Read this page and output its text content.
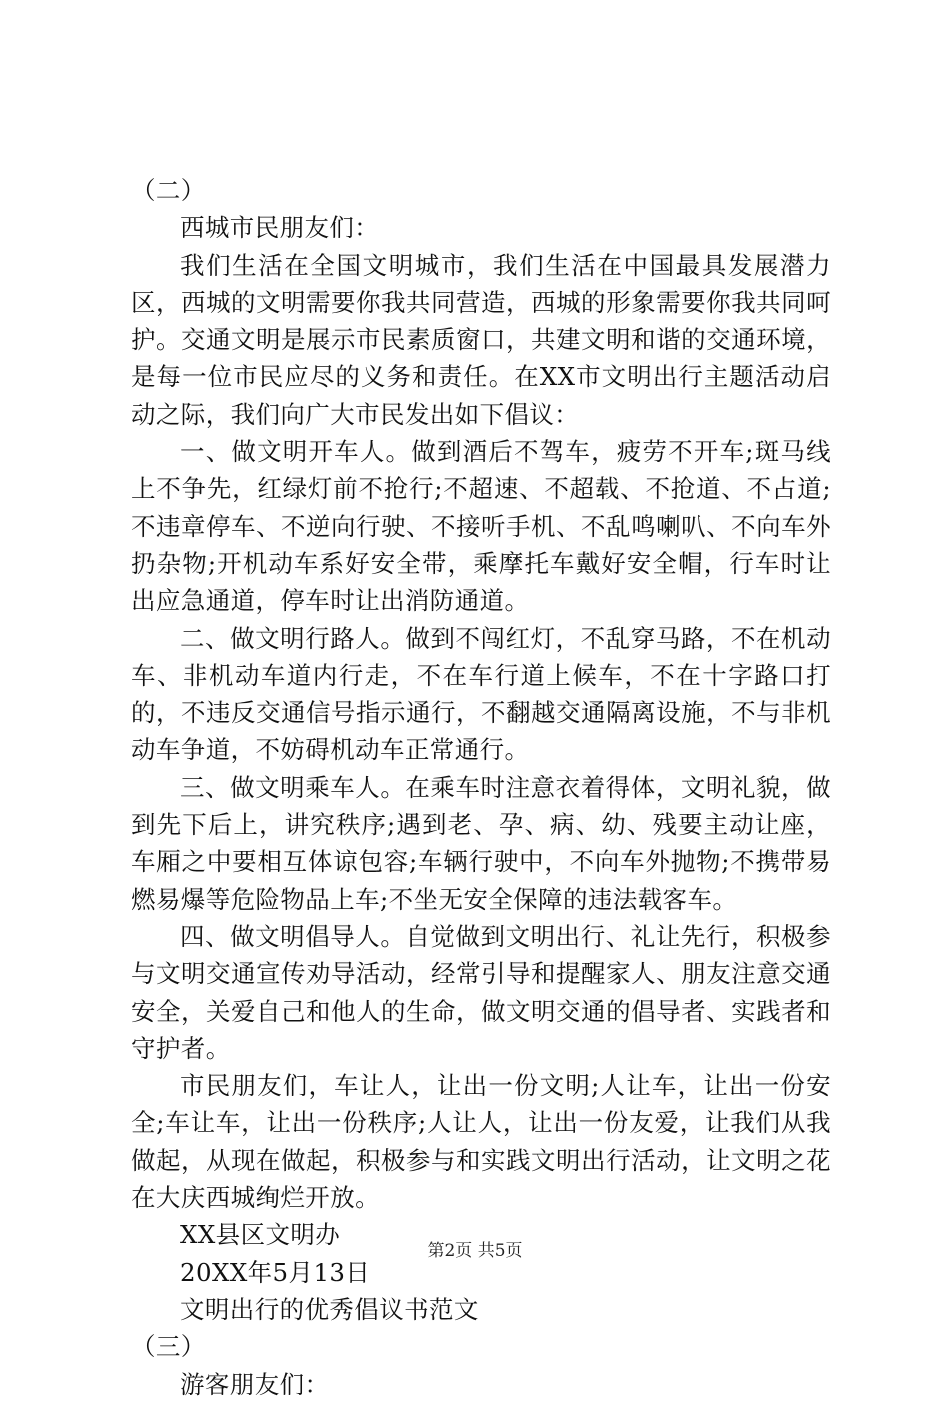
（二）

西城市民朋友们：

我们生活在全国文明城市，我们生活在中国最具发展潜力区，西城的文明需要你我共同营造，西城的形象需要你我共同呵护。交通文明是展示市民素质窗口，共建文明和谐的交通环境，是每一位市民应尽的义务和责任。在XX市文明出行主题活动启动之际，我们向广大市民发出如下倡议：

一、做文明开车人。做到酒后不驾车，疲劳不开车;斑马线上不争先，红绿灯前不抢行;不超速、不超载、不抢道、不占道;不违章停车、不逆向行驶、不接听手机、不乱鸣喇叭、不向车外扔杂物;开机动车系好安全带，乘摩托车戴好安全帽，行车时让出应急通道，停车时让出消防通道。

二、做文明行路人。做到不闯红灯，不乱穿马路，不在机动车、非机动车道内行走，不在车行道上候车，不在十字路口打的，不违反交通信号指示通行，不翻越交通隔离设施，不与非机动车争道，不妨碍机动车正常通行。

三、做文明乘车人。在乘车时注意衣着得体，文明礼貌，做到先下后上，讲究秩序;遇到老、孕、病、幼、残要主动让座，车厢之中要相互体谅包容;车辆行驶中，不向车外抛物;不携带易燃易爆等危险物品上车;不坐无安全保障的违法载客车。

四、做文明倡导人。自觉做到文明出行、礼让先行，积极参与文明交通宣传劝导活动，经常引导和提醒家人、朋友注意交通安全，关爱自己和他人的生命，做文明交通的倡导者、实践者和守护者。

市民朋友们，车让人，让出一份文明;人让车，让出一份安全;车让车，让出一份秩序;人让人，让出一份友爱，让我们从我做起，从现在做起，积极参与和实践文明出行活动，让文明之花在大庆西城绚烂开放。

XX县区文明办

20XX年5月13日

文明出行的优秀倡议书范文

（三）

游客朋友们：

第2页 共5页
